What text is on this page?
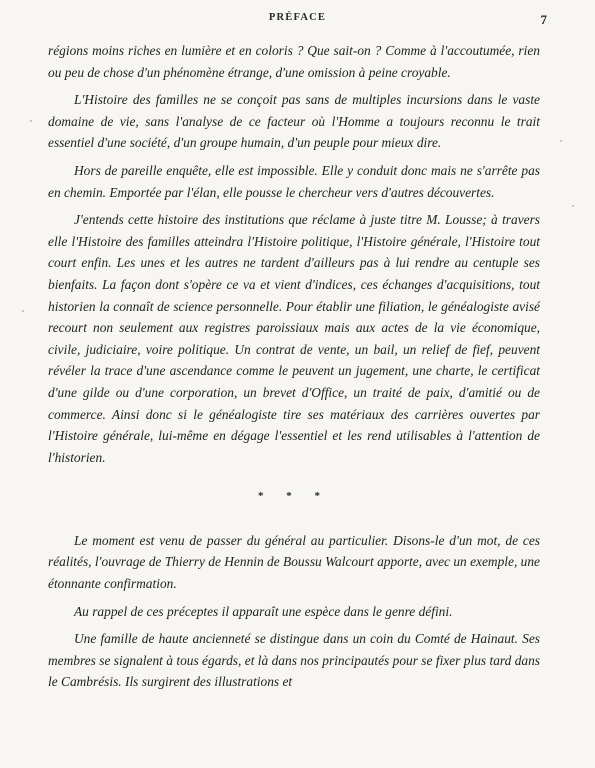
PRÉFACE	7

régions moins riches en lumière et en coloris ? Que sait-on ? Comme à l'accoutumée, rien ou peu de chose d'un phénomène étrange, d'une omission à peine croyable.

L'Histoire des familles ne se conçoit pas sans de multiples incursions dans le vaste domaine de vie, sans l'analyse de ce facteur où l'Homme a toujours reconnu le trait essentiel d'une société, d'un groupe humain, d'un peuple pour mieux dire.

Hors de pareille enquête, elle est impossible. Elle y conduit donc mais ne s'arrête pas en chemin. Emportée par l'élan, elle pousse le chercheur vers d'autres découvertes.

J'entends cette histoire des institutions que réclame à juste titre M. Lousse; à travers elle l'Histoire des familles atteindra l'Histoire politique, l'Histoire générale, l'Histoire tout court enfin. Les unes et les autres ne tardent d'ailleurs pas à lui rendre au centuple ses bienfaits. La façon dont s'opère ce va et vient d'indices, ces échanges d'acquisitions, tout historien la connaît de science personnelle. Pour établir une filiation, le généalogiste avisé recourt non seulement aux registres paroissiaux mais aux actes de la vie économique, civile, judiciaire, voire politique. Un contrat de vente, un bail, un relief de fief, peuvent révéler la trace d'une ascendance comme le peuvent un jugement, une charte, le certificat d'une gilde ou d'une corporation, un brevet d'Office, un traité de paix, d'amitié ou de commerce. Ainsi donc si le généalogiste tire ses matériaux des carrières ouvertes par l'Histoire générale, lui-même en dégage l'essentiel et les rend utilisables à l'attention de l'historien.

* * *

Le moment est venu de passer du général au particulier. Disons-le d'un mot, de ces réalités, l'ouvrage de Thierry de Hennin de Boussu Walcourt apporte, avec un exemple, une étonnante confirmation.

Au rappel de ces préceptes il apparaît une espèce dans le genre défini.

Une famille de haute ancienneté se distingue dans un coin du Comté de Hainaut. Ses membres se signalent à tous égards, et là dans nos principautés pour se fixer plus tard dans le Cambrésis. Ils surgirent des illustrations et
